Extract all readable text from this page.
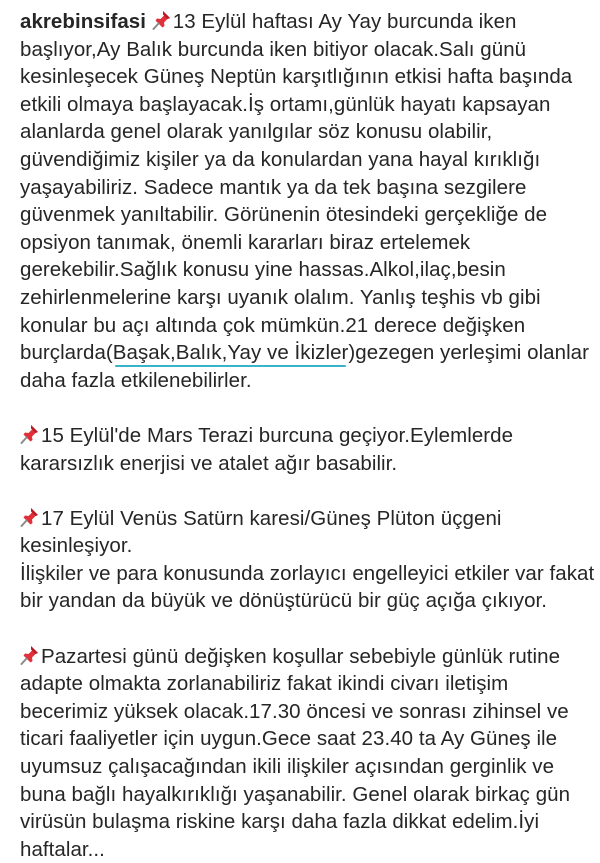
akrebinsifasi 13 Eylül haftası Ay Yay burcunda iken
başlıyor,Ay Balık burcunda iken bitiyor olacak.Salı günü
kesinleşecek Güneş Neptün karşıtlığının etkisi hafta başında
etkili olmaya başlayacak.İş ortamı,günlük hayatı kapsayan
alanlarda genel olarak yanılgılar söz konusu olabilir,
güvendiğimiz kişiler ya da konulardan yana hayal kırıklığı
yaşayabiliriz. Sadece mantık ya da tek başına sezgilere
güvenmek yanıltabilir. Görünenin ötesindeki gerçekliğe de
opsiyon tanımak, önemli kararları biraz ertelemek
gerekebilir.Sağlık konusu yine hassas.Alkol,ilaç,besin
zehirlenmelerine karşı uyanık olalım. Yanlış teşhis vb gibi
konular bu açı altında çok mümkün.21 derece değişken
burçlarda(Başak,Balık,Yay ve İkizler)gezegen yerleşimi olanlar
daha fazla etkilenebilirler.

15 Eylül'de Mars Terazi burcuna geçiyor.Eylemlerde
kararsızlık enerjisi ve atalet ağır basabilir.

17 Eylül Venüs Satürn karesi/Güneş Plüton üçgeni
kesinleşiyor.
İlişkiler ve para konusunda zorlayıcı engelleyici etkiler var fakat
bir yandan da büyük ve dönüştürücü bir güç açığa çıkıyor.

Pazartesi günü değişken koşullar sebebiyle günlük rutine
adapte olmakta zorlanabiliriz fakat ikindi civarı iletişim
becerimiz yüksek olacak.17.30 öncesi ve sonrası zihinsel ve
ticari faaliyetler için uygun.Gece saat 23.40 ta Ay Güneş ile
uyumsuz çalışacağından ikili ilişkiler açısından gerginlik ve
buna bağlı hayalkırıklığı yaşanabilir. Genel olarak birkaç gün
virüsün bulaşma riskine karşı daha fazla dikkat edelim.İyi
haftalar...
